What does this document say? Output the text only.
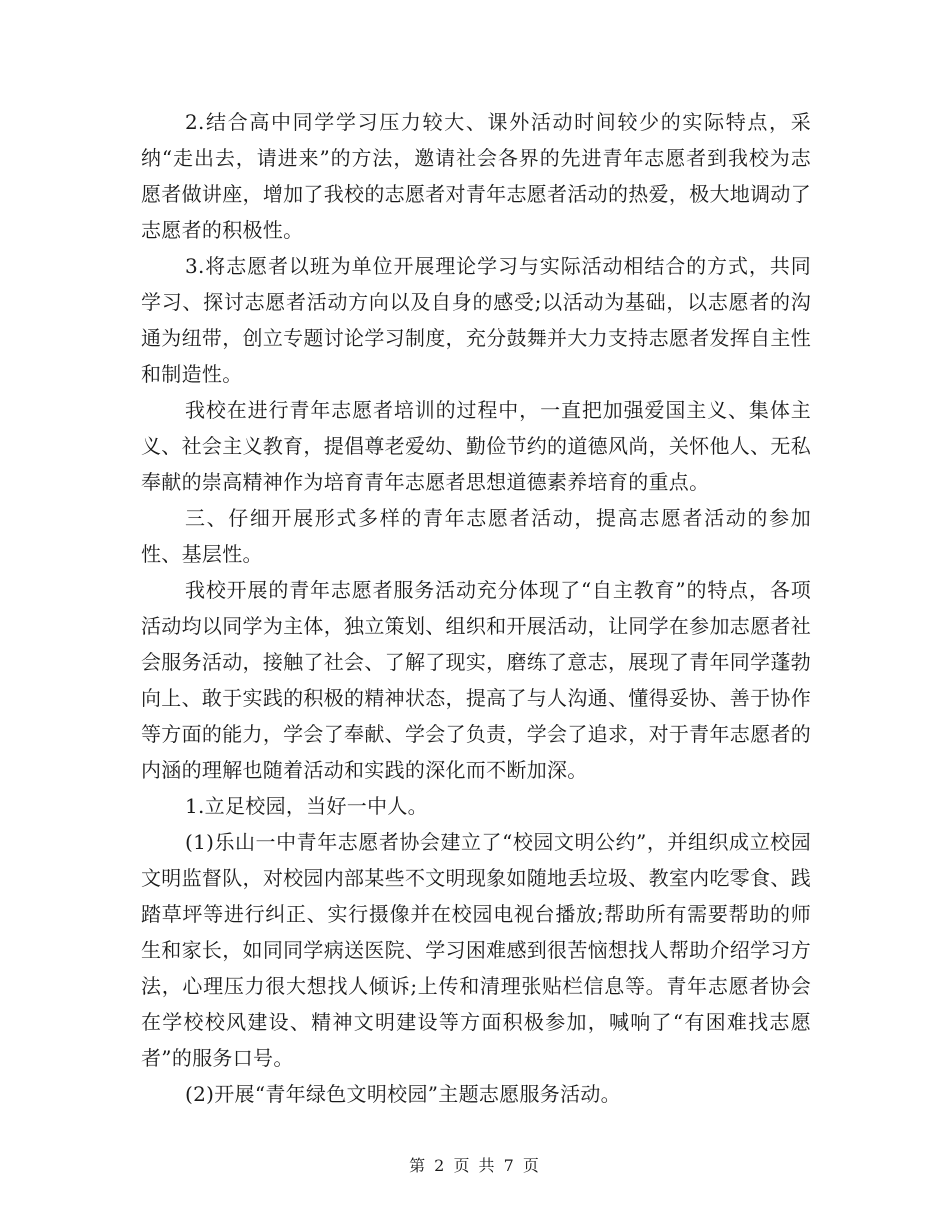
2.结合高中同学学习压力较大、课外活动时间较少的实际特点，采纳“走出去，请进来”的方法，邀请社会各界的先进青年志愿者到我校为志愿者做讲座，增加了我校的志愿者对青年志愿者活动的热爱，极大地调动了志愿者的积极性。

3.将志愿者以班为单位开展理论学习与实际活动相结合的方式，共同学习、探讨志愿者活动方向以及自身的感受;以活动为基础，以志愿者的沟通为纽带，创立专题讨论学习制度，充分鼓舞并大力支持志愿者发挥自主性和制造性。

我校在进行青年志愿者培训的过程中，一直把加强爱国主义、集体主义、社会主义教育，提倡尊老爱幼、勤俭节约的道德风尚，关怀他人、无私奉献的崇高精神作为培育青年志愿者思想道德素养培育的重点。

三、仔细开展形式多样的青年志愿者活动，提高志愿者活动的参加性、基层性。

我校开展的青年志愿者服务活动充分体现了“自主教育”的特点，各项活动均以同学为主体，独立策划、组织和开展活动，让同学在参加志愿者社会服务活动，接触了社会、了解了现实，磨练了意志，展现了青年同学蓬勃向上、敢于实践的积极的精神状态，提高了与人沟通、懂得妥协、善于协作等方面的能力，学会了奉献、学会了负责，学会了追求，对于青年志愿者的内涵的理解也随着活动和实践的深化而不断加深。

1.立足校园，当好一中人。

(1)乐山一中青年志愿者协会建立了“校园文明公约”，并组织成立校园文明监督队，对校园内部某些不文明现象如随地丢垃圾、教室内吃零食、践踏草坪等进行纠正、实行摄像并在校园电视台播放;帮助所有需要帮助的师生和家长，如同同学病送医院、学习困难感到很苦恼想找人帮助介绍学习方法，心理压力很大想找人倾诉;上传和清理张贴栏信息等。青年志愿者协会在学校校风建设、精神文明建设等方面积极参加，喊响了“有困难找志愿者”的服务口号。

(2)开展“青年绿色文明校园”主题志愿服务活动。

第 2 页 共 7 页
